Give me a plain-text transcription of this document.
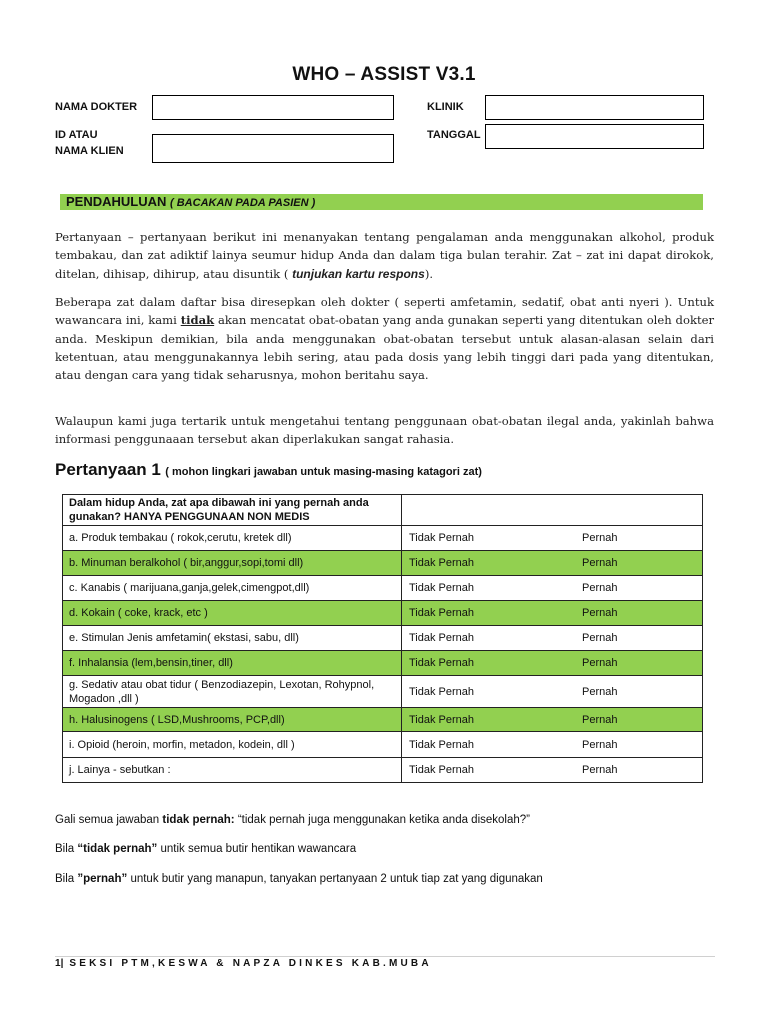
WHO – ASSIST V3.1
NAMA DOKTER
ID ATAU
NAMA KLIEN
KLINIK
TANGGAL
PENDAHULUAN ( BACAKAN PADA PASIEN )
Pertanyaan – pertanyaan berikut ini menanyakan tentang pengalaman anda menggunakan alkohol, produk tembakau, dan zat adiktif lainya seumur hidup Anda dan dalam tiga bulan terahir. Zat – zat ini dapat dirokok, ditelan, dihisap, dihirup, atau disuntik ( tunjukan kartu respons).
Beberapa zat dalam daftar bisa diresepkan oleh dokter ( seperti amfetamin, sedatif, obat anti nyeri ). Untuk wawancara ini, kami tidak akan mencatat obat-obatan yang anda gunakan seperti yang ditentukan oleh dokter anda. Meskipun demikian, bila anda menggunakan obat-obatan tersebut untuk alasan-alasan selain dari ketentuan, atau menggunakannya lebih sering, atau pada dosis yang lebih tinggi dari pada yang ditentukan, atau dengan cara yang tidak seharusnya, mohon beritahu saya.
Walaupun kami juga tertarik untuk mengetahui tentang penggunaan obat-obatan ilegal anda, yakinlah bahwa informasi penggunaaan tersebut akan diperlakukan sangat rahasia.
Pertanyaan 1 ( mohon lingkari jawaban untuk masing-masing katagori zat)
Dalam hidup Anda, zat apa dibawah ini yang pernah anda gunakan? HANYA PENGGUNAAN NON MEDIS	
a. Produk tembakau ( rokok,cerutu, kretek dll)	Tidak Pernah Pernah

b. Minuman beralkohol ( bir,anggur,sopi,tomi dll)	Tidak Pernah Pernah

c. Kanabis ( marijuana,ganja,gelek,cimengpot,dll)	Tidak Pernah Pernah

d. Kokain ( coke, krack, etc )	Tidak Pernah Pernah

e. Stimulan Jenis amfetamin( ekstasi, sabu, dll)	Tidak Pernah Pernah

f. Inhalansia (lem,bensin,tiner, dll)	Tidak Pernah Pernah

g. Sedativ atau obat tidur ( Benzodiazepin, Lexotan, Rohypnol, Mogadon ,dll )	Tidak Pernah Pernah

h. Halusinogens ( LSD,Mushrooms, PCP,dll)	Tidak Pernah Pernah

i. Opioid (heroin, morfin, metadon, kodein, dll )	Tidak Pernah Pernah

j. Lainya - sebutkan :	Tidak Pernah Pernah
Gali semua jawaban tidak pernah: “tidak pernah juga menggunakan ketika anda disekolah?”
Bila “tidak pernah” untik semua butir hentikan wawancara
Bila ”pernah” untuk butir yang manapun, tanyakan pertanyaan 2 untuk tiap zat yang digunakan
1| SEKSI PTM,KESWA & NAPZA DINKES KAB.MUBA
